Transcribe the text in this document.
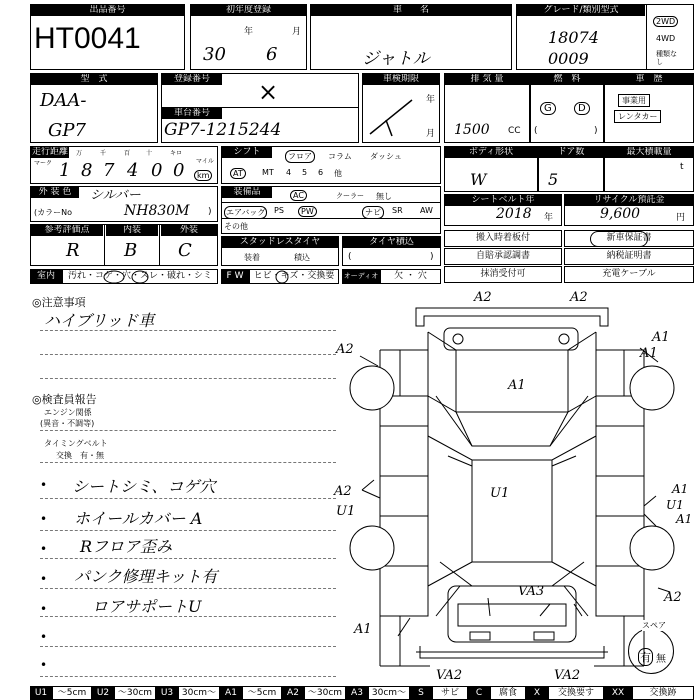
出品番号
HT0041
初年度登録
年	月
30 6
車　　名
ジャトル
グレード/類別型式
18074
0009
2WD
4WD
種類なし
型　式
DAA-
GP7
登録番号	×
車台番号
GP7-1215244
車検期限
年
月
排 気 量
1500 CC
燃　料
G	D
(	)
車　歴
事業用
レンタカー
走行距離
マーク 1 8 7 4 0 0
万	千	百	十	キロ
マイル
km
シフト	フロア	コラム ダッシュ
AT	MT 4 5 6 他
ボディ形状
W
ドア数
5
最大積載量
t
外 装 色	シルバー
(カラーNo	NH830M )
装備品	AC	クーラー 無し
エアバッグ PS	PW	ナビ	SR AW
その他
シートベルト年
2018 年
リサイクル預託金
9,600	円
参考評価点	内装	外装
R B C	スタッドレスタイヤ
装着	積込
タイヤ積込
(	)
搬入時着板付	新車保証書
自賠承認調書	納税証明書
抹消受付可	充電ケーブル
室内	汚れ・コゲ・穴・スレ・破れ・シミ	F W	ヒビ・キズ・交換要	オーディオ	欠 ・ 穴
◎注意事項
ハイブリッド車
◎検査員報告
エンジン関係
(異音・不調等)
タイミングベルト
交換　有・無
• シートシミ、コゲ穴
• ホイールカバー A
• Rフロア歪み
• パンク修理キット有
•	ロアサポートU
•
•
A2	A2
A1
A2	A1
A1
A2
U1
U1	A1
A1
U1
VA3
A1
A2
VA2	VA2
スペア
有 無
U1	～5cm	U2 ～30cm U3 30cm～ A1	～5cm	A2 ～30cm A3 30cm～	S	サビ	C	腐食	X	交換要す	XX	交換跡
